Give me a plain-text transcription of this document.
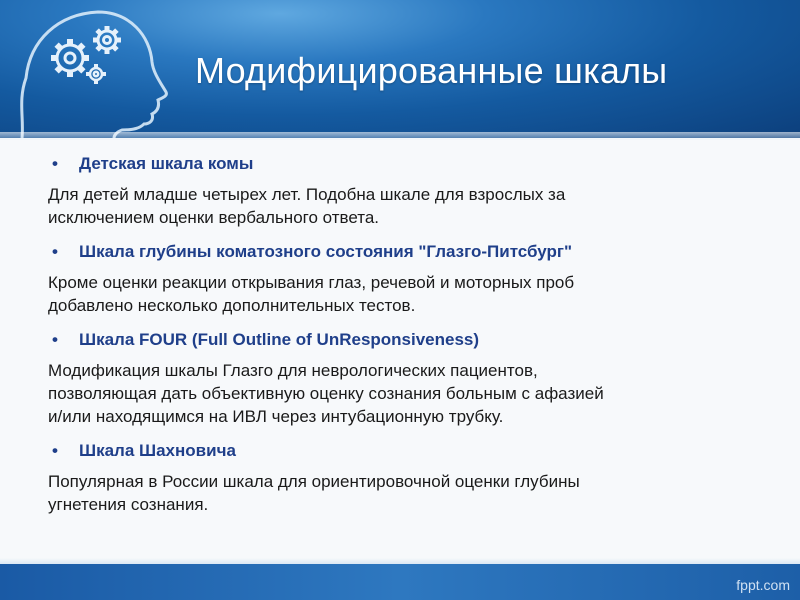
Модифицированные шкалы
• Детская шкала комы
Для детей младше четырех лет. Подобна шкале для взрослых за
исключением оценки вербального ответа.
• Шкала глубины коматозного состояния "Глазго-Питсбург"
Кроме оценки реакции открывания глаз, речевой и моторных проб
добавлено несколько дополнительных тестов.
• Шкала FOUR (Full Outline of UnResponsiveness)
Модификация шкалы Глазго для неврологических пациентов,
позволяющая дать объективную оценку сознания больным с афазией
и/или находящимся на ИВЛ через интубационную трубку.
• Шкала Шахновича
Популярная в России шкала для ориентировочной оценки глубины
угнетения сознания.
fppt.com
